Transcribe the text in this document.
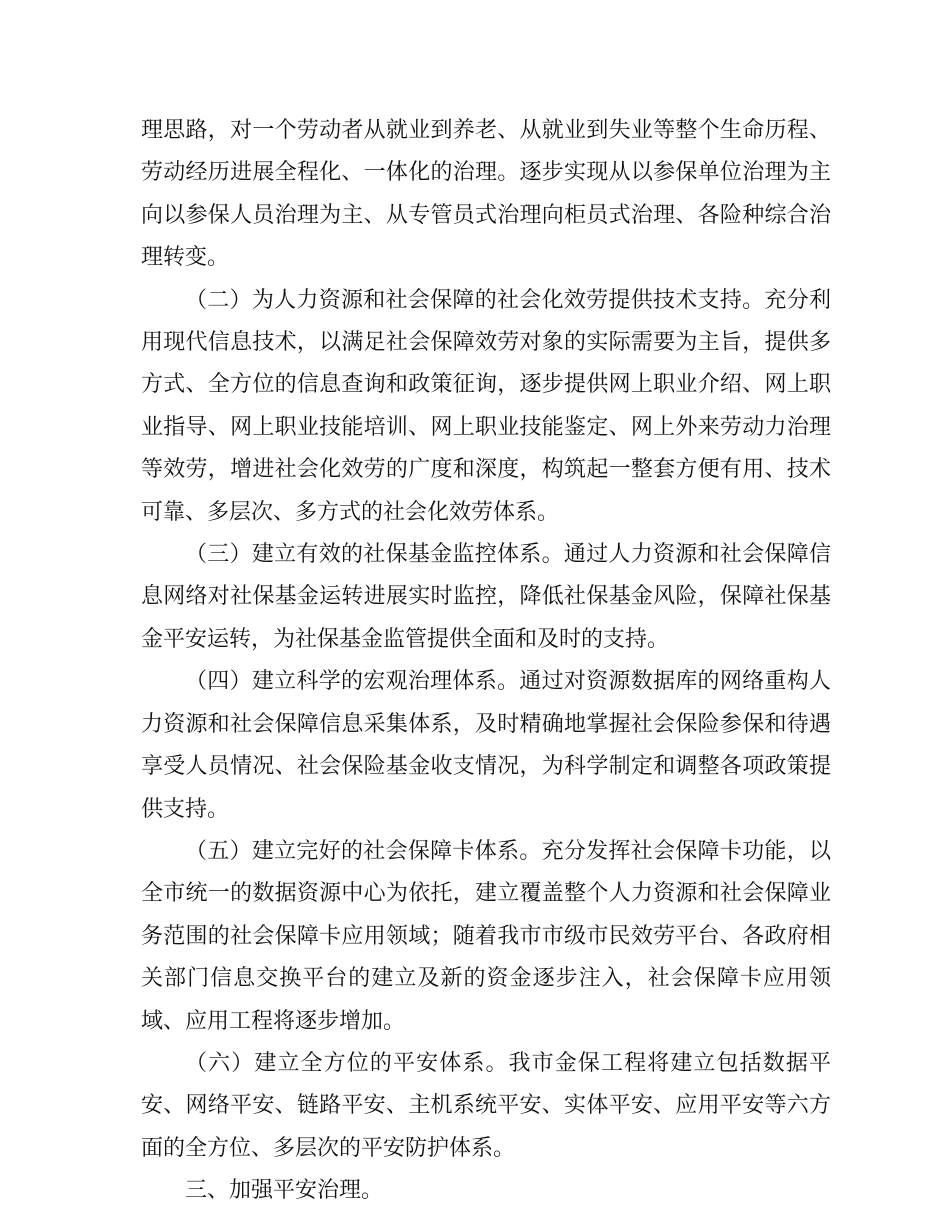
理思路，对一个劳动者从就业到养老、从就业到失业等整个生命历程、劳动经历进展全程化、一体化的治理。逐步实现从以参保单位治理为主向以参保人员治理为主、从专管员式治理向柜员式治理、各险种综合治理转变。

（二）为人力资源和社会保障的社会化效劳提供技术支持。充分利用现代信息技术，以满足社会保障效劳对象的实际需要为主旨，提供多方式、全方位的信息查询和政策征询，逐步提供网上职业介绍、网上职业指导、网上职业技能培训、网上职业技能鉴定、网上外来劳动力治理等效劳，增进社会化效劳的广度和深度，构筑起一整套方便有用、技术可靠、多层次、多方式的社会化效劳体系。

（三）建立有效的社保基金监控体系。通过人力资源和社会保障信息网络对社保基金运转进展实时监控，降低社保基金风险，保障社保基金平安运转，为社保基金监管提供全面和及时的支持。

（四）建立科学的宏观治理体系。通过对资源数据库的网络重构人力资源和社会保障信息采集体系，及时精确地掌握社会保险参保和待遇享受人员情况、社会保险基金收支情况，为科学制定和调整各项政策提供支持。

（五）建立完好的社会保障卡体系。充分发挥社会保障卡功能，以全市统一的数据资源中心为依托，建立覆盖整个人力资源和社会保障业务范围的社会保障卡应用领域；随着我市市级市民效劳平台、各政府相关部门信息交换平台的建立及新的资金逐步注入，社会保障卡应用领域、应用工程将逐步增加。

（六）建立全方位的平安体系。我市金保工程将建立包括数据平安、网络平安、链路平安、主机系统平安、实体平安、应用平安等六方面的全方位、多层次的平安防护体系。

三、加强平安治理。
